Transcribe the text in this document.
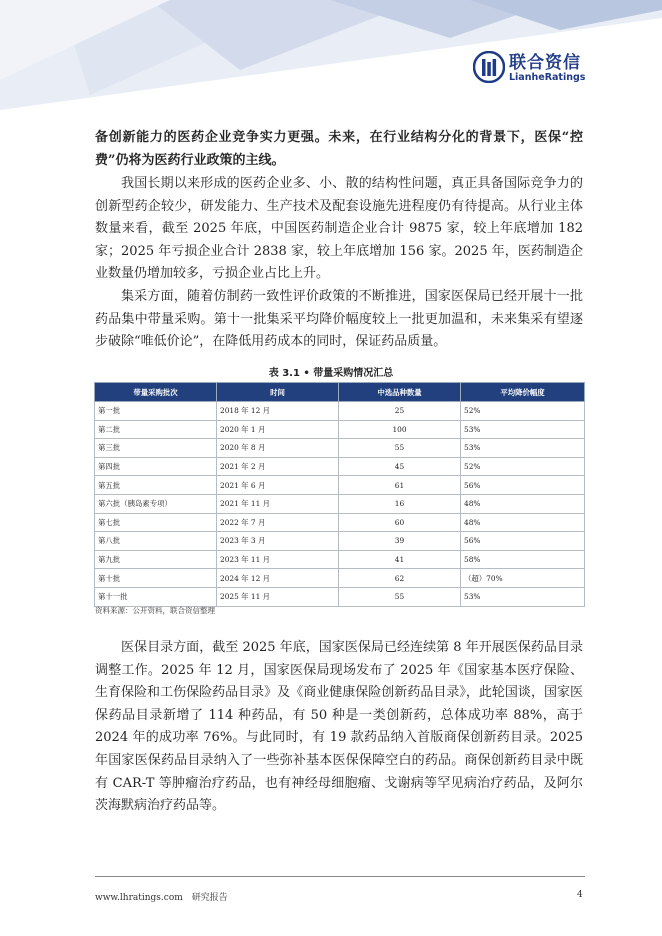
联合资信
LianheRatings

备创新能力的医药企业竞争实力更强。未来，在行业结构分化的背景下，医保“控费”仍将为医药行业政策的主线。

我国长期以来形成的医药企业多、小、散的结构性问题，真正具备国际竞争力的创新型药企较少，研发能力、生产技术及配套设施先进程度仍有待提高。从行业主体数量来看，截至 2025 年底，中国医药制造企业合计 9875 家，较上年底增加 182 家；2025 年亏损企业合计 2838 家，较上年底增加 156 家。2025 年，医药制造企业数量仍增加较多，亏损企业占比上升。

集采方面，随着仿制药一致性评价政策的不断推进，国家医保局已经开展十一批药品集中带量采购。第十一批集采平均降价幅度较上一批更加温和，未来集采有望逐步破除“唯低价论”，在降低用药成本的同时，保证药品质量。

表 3.1 • 带量采购情况汇总
带量采购批次	时间	中选品种数量	平均降价幅度
第一批	2018 年 12 月	25	52%
第二批	2020 年 1 月	100	53%
第三批	2020 年 8 月	55	53%
第四批	2021 年 2 月	45	52%
第五批	2021 年 6 月	61	56%
第六批（胰岛素专项）	2021 年 11 月	16	48%
第七批	2022 年 7 月	60	48%
第八批	2023 年 3 月	39	56%
第九批	2023 年 11 月	41	58%
第十批	2024 年 12 月	62	（超）70%
第十一批	2025 年 11 月	55	53%
资料来源：公开资料，联合资信整理

医保目录方面，截至 2025 年底，国家医保局已经连续第 8 年开展医保药品目录调整工作。2025 年 12 月，国家医保局现场发布了 2025 年《国家基本医疗保险、生育保险和工伤保险药品目录》及《商业健康保险创新药品目录》，此轮国谈，国家医保药品目录新增了 114 种药品，有 50 种是一类创新药，总体成功率 88%，高于 2024 年的成功率 76%。与此同时，有 19 款药品纳入首版商保创新药目录。2025 年国家医保药品目录纳入了一些弥补基本医保保障空白的药品。商保创新药目录中既有 CAR-T 等肿瘤治疗药品，也有神经母细胞瘤、戈谢病等罕见病治疗药品，及阿尔茨海默病治疗药品等。

www.lhratings.com　研究报告	4
